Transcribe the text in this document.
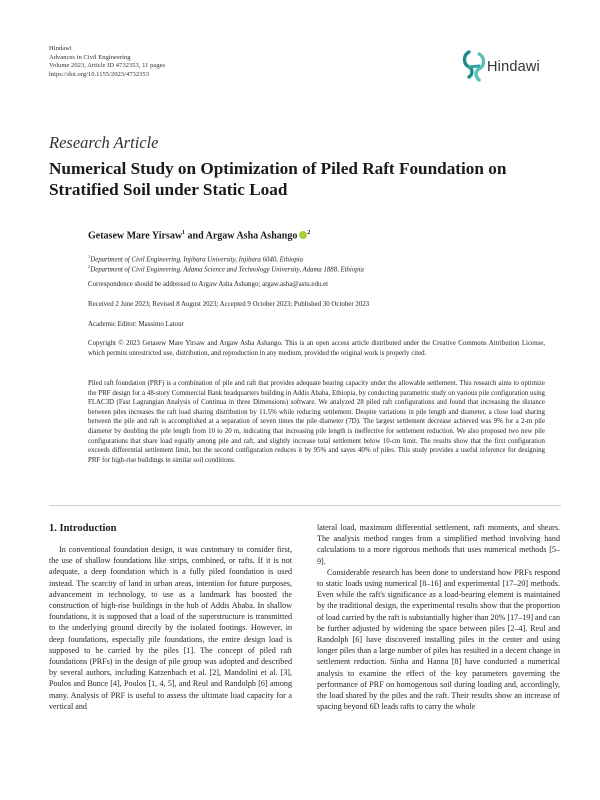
Hindawi
Advances in Civil Engineering
Volume 2023, Article ID 4732353, 11 pages
https://doi.org/10.1155/2023/4732353	Hindawi
Research Article
Numerical Study on Optimization of Piled Raft Foundation on Stratified Soil under Static Load
Getasew Mare Yirsaw$^1$ and Argaw Asha Ashango $^2$
$^1$Department of Civil Engineering, Injibara University, Injibara 6040, Ethiopia
$^2$Department of Civil Engineering, Adama Science and Technology University, Adama 1888, Ethiopia
Correspondence should be addressed to Argaw Asha Ashango; argaw.asha@astu.edu.et
Received 2 June 2023; Revised 8 August 2023; Accepted 9 October 2023; Published 30 October 2023
Academic Editor: Massimo Latour

Copyright © 2023 Getasew Mare Yirsaw and Argaw Asha Ashango. This is an open access article distributed under the Creative Commons Attribution License, which permits unrestricted use, distribution, and reproduction in any medium, provided the original work is properly cited.

Piled raft foundation (PRF) is a combination of pile and raft that provides adequate bearing capacity under the allowable settlement. This research aims to optimize the PRF design for a 48-story Commercial Bank headquarters building in Addis Ababa, Ethiopia, by conducting parametric study on various pile configuration using FLAC3D (Fast Lagrangian Analysis of Continua in three Dimensions) software. We analyzed 28 piled raft configurations and found that increasing the distance between piles increases the raft load sharing distribution by 11.5% while reducing settlement. Despite variations in pile length and diameter, a close load sharing between the pile and raft is accomplished at a separation of seven times the pile diameter (7D). The largest settlement decrease achieved was 9% for a 2-m pile diameter by doubling the pile length from 10 to 20 m, indicating that increasing pile length is ineffective for settlement reduction. We also proposed two new pile configurations that share load equally among pile and raft, and slightly increase total settlement below 10-cm limit. The results show that the first configuration exceeds differential settlement limit, but the second configuration reduces it by 95% and saves 40% of piles. This study provides a useful reference for designing PRF for high-rise buildings in similar soil conditions.

1. Introduction

In conventional foundation design, it was customary to consider first, the use of shallow foundations like strips, combined, or rafts. If it is not adequate, a deep foundation which is a fully piled foundation is used instead. The scarcity of land in urban areas, intention for future purposes, advancement in technology, to use as a landmark has boosted the construction of high-rise buildings in the hub of Addis Ababa. In shallow foundations, it is supposed that a load of the superstructure is transmitted to the underlying ground directly by the isolated footings. However, in deep foundations, especially pile foundations, the entire design load is supposed to be carried by the piles [1]. The concept of piled raft foundations (PRFs) in the design of pile group was adopted and described by several authors, including Katzenbach et al. [2], Mandolini et al. [3], Poulos and Bunce [4], Poulos [1, 4, 5], and Reul and Randolph [6] among many. Analysis of PRF is useful to assess the ultimate load capacity for a vertical and

lateral load, maximum differential settlement, raft moments, and shears. The analysis method ranges from a simplified method involving hand calculations to a more rigorous methods that uses numerical methods [5–9].

Considerable research has been done to understand how PRFs respond to static loads using numerical [8–16] and experimental [17–20] methods. Even while the raft's significance as a load-bearing element is maintained by the traditional design, the experimental results show that the proportion of load carried by the raft is substantially higher than 20% [17–19] and can be further adjusted by widening the space between piles [2–4]. Reul and Randolph [6] have discovered installing piles in the center and using longer piles than a large number of piles has resulted in a decent change in settlement reduction. Sinha and Hanna [8] have conducted a numerical analysis to examine the effect of the key parameters governing the performance of PRF on homogenous soil during loading and, accordingly, the load shared by the piles and the raft. Their results show an increase of spacing beyond 6D leads rafts to carry the whole
